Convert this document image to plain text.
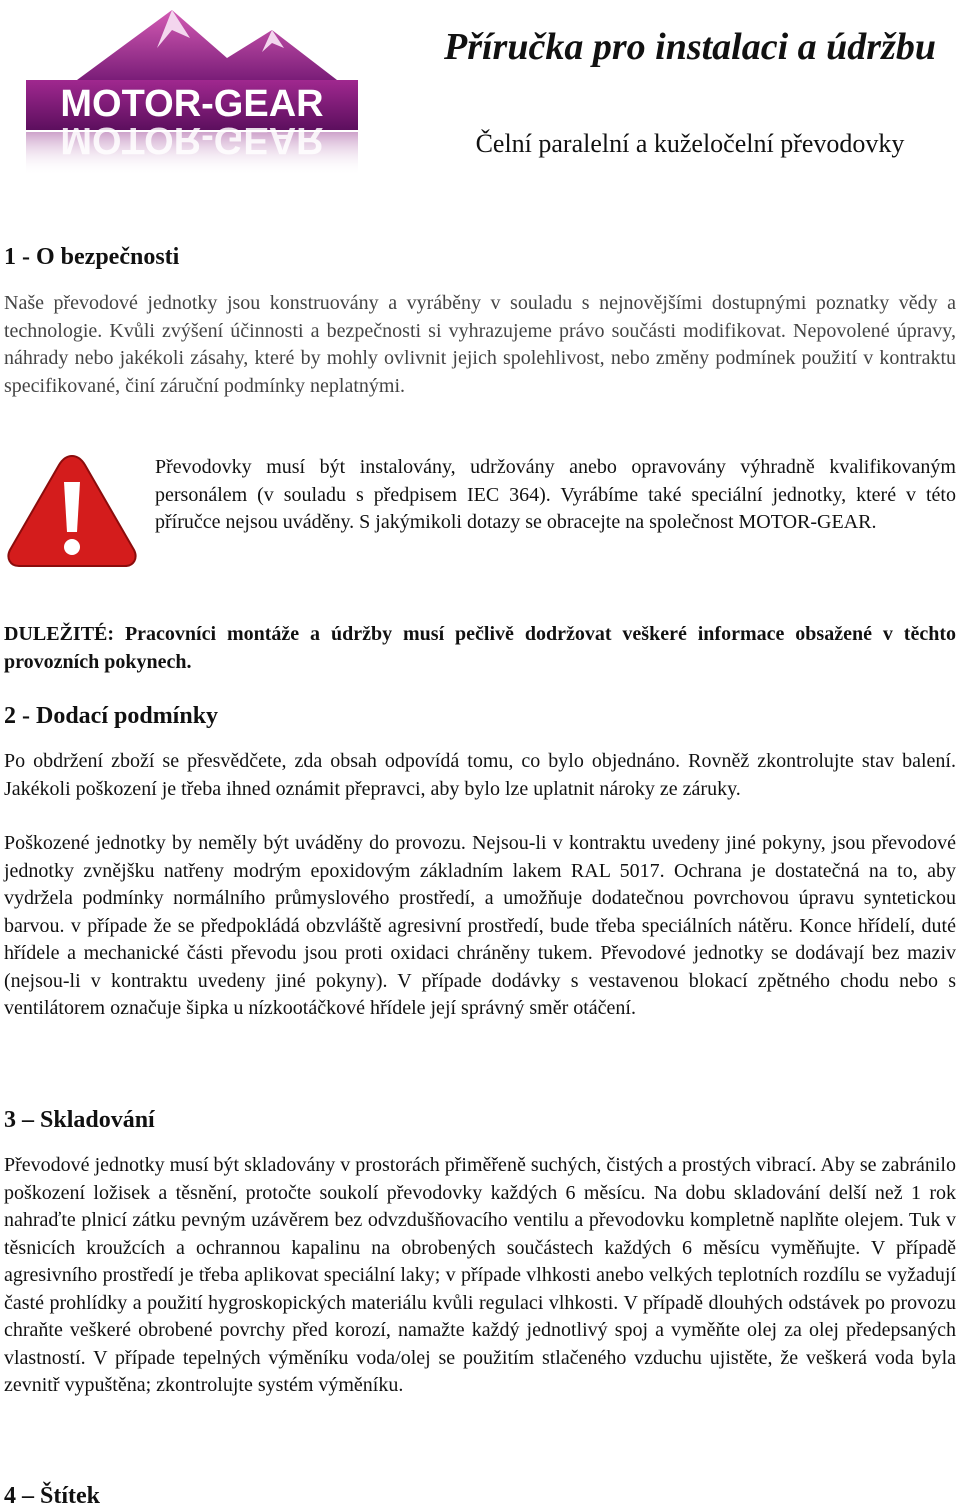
MOTOR-GEAR
MOTOR-GEAR
Příručka pro instalaci a údržbu
Čelní paralelní a kuželočelní převodovky
1 - O bezpečnosti

Naše převodové jednotky jsou konstruovány a vyráběny v souladu s nejnovějšími dostupnými poznatky vědy a technologie. Kvůli zvýšení účinnosti a bezpečnosti si vyhrazujeme právo součásti modifikovat. Nepovolené úpravy, náhrady nebo jakékoli zásahy, které by mohly ovlivnit jejich spolehlivost, nebo změny podmínek použití v kontraktu specifikované, činí záruční podmínky neplatnými.

Převodovky musí být instalovány, udržovány anebo opravovány výhradně kvalifikovaným personálem (v souladu s předpisem IEC 364). Vyrábíme také speciální jednotky, které v této příručce nejsou uváděny. S jakýmikoli dotazy se obracejte na společnost MOTOR-GEAR.

DULEŽITÉ: Pracovníci montáže a údržby musí pečlivě dodržovat veškeré informace obsažené v těchto provozních pokynech.

2 - Dodací podmínky

Po obdržení zboží se přesvědčete, zda obsah odpovídá tomu, co bylo objednáno. Rovněž zkontrolujte stav balení. Jakékoli poškození je třeba ihned oznámit přepravci, aby bylo lze uplatnit nároky ze záruky.

Poškozené jednotky by neměly být uváděny do provozu. Nejsou-li v kontraktu uvedeny jiné pokyny, jsou převodové jednotky zvnějšku natřeny modrým epoxidovým základním lakem RAL 5017. Ochrana je dostatečná na to, aby vydržela podmínky normálního průmyslového prostředí, a umožňuje dodatečnou povrchovou úpravu syntetickou barvou. v případe že se předpokládá obzvláště agresivní prostředí, bude třeba speciálních nátěru. Konce hřídelí, duté hřídele a mechanické části převodu jsou proti oxidaci chráněny tukem. Převodové jednotky se dodávají bez maziv (nejsou-li v kontraktu uvedeny jiné pokyny). V případe dodávky s vestavenou blokací zpětného chodu nebo s ventilátorem označuje šipka u nízkootáčkové hřídele její správný směr otáčení.

3 – Skladování

Převodové jednotky musí být skladovány v prostorách přiměřeně suchých, čistých a prostých vibrací. Aby se zabránilo poškození ložisek a těsnění, protočte soukolí převodovky každých 6 měsícu. Na dobu skladování delší než 1 rok nahraďte plnicí zátku pevným uzávěrem bez odvzdušňovacího ventilu a převodovku kompletně naplňte olejem. Tuk v těsnicích kroužcích a ochrannou kapalinu na obrobených součástech každých 6 měsícu vyměňujte. V případě agresivního prostředí je třeba aplikovat speciální laky; v případe vlhkosti anebo velkých teplotních rozdílu se vyžadují časté prohlídky a použití hygroskopických materiálu kvůli regulaci vlhkosti. V případě dlouhých odstávek po provozu chraňte veškeré obrobené povrchy před korozí, namažte každý jednotlivý spoj a vyměňte olej za olej předepsaných vlastností. V případe tepelných výměníku voda/olej se použitím stlačeného vzduchu ujistěte, že veškerá voda byla zevnitř vypuštěna; zkontrolujte systém výměníku.

4 – Štítek
